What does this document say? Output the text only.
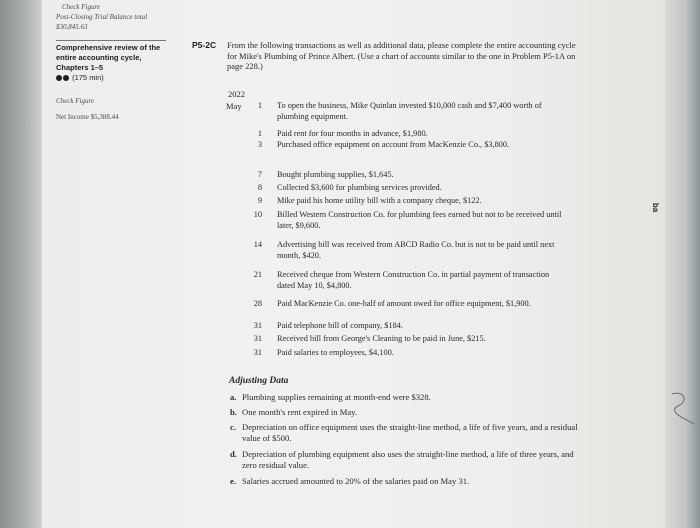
Check Figure
Post-Closing Trial Balance total
$30,845.63
Comprehensive review of the
entire accounting cycle,
Chapters 1–5
(175 min)
Check Figure
Net Income $5,388.44
P5-2C From the following transactions as well as additional data, please complete the entire accounting cycle for Mike's Plumbing of Prince Albert. (Use a chart of accounts similar to the one in Problem P5-1A on page 228.)
2022
May	1 To open the business, Mike Quinlan invested $10,000 cash and $7,400 worth of plumbing equipment.
1 Paid rent for four months in advance, $1,980.
3 Purchased office equipment on account from MacKenzie Co., $3,800.
7 Bought plumbing supplies, $1,645.
8 Collected $3,600 for plumbing services provided.
9 Mike paid his home utility bill with a company cheque, $122.
10 Billed Western Construction Co. for plumbing fees earned but not to be received until later, $9,600.
14 Advertising bill was received from ABCD Radio Co. but is not to be paid until next month, $420.
21 Received cheque from Western Construction Co. in partial payment of transaction dated May 10, $4,800.
28 Paid MacKenzie Co. one-half of amount owed for office equipment, $1,900.
31 Paid telephone bill of company, $184.
31 Received bill from George's Cleaning to be paid in June, $215.
31 Paid salaries to employees, $4,100.
Adjusting Data
a. Plumbing supplies remaining at month-end were $328.
b. One month's rent expired in May.
c. Depreciation on office equipment uses the straight-line method, a life of five years, and a residual value of $500.
d. Depreciation of plumbing equipment also uses the straight-line method, a life of three years, and zero residual value.
e. Salaries accrued amounted to 20% of the salaries paid on May 31.
ba
